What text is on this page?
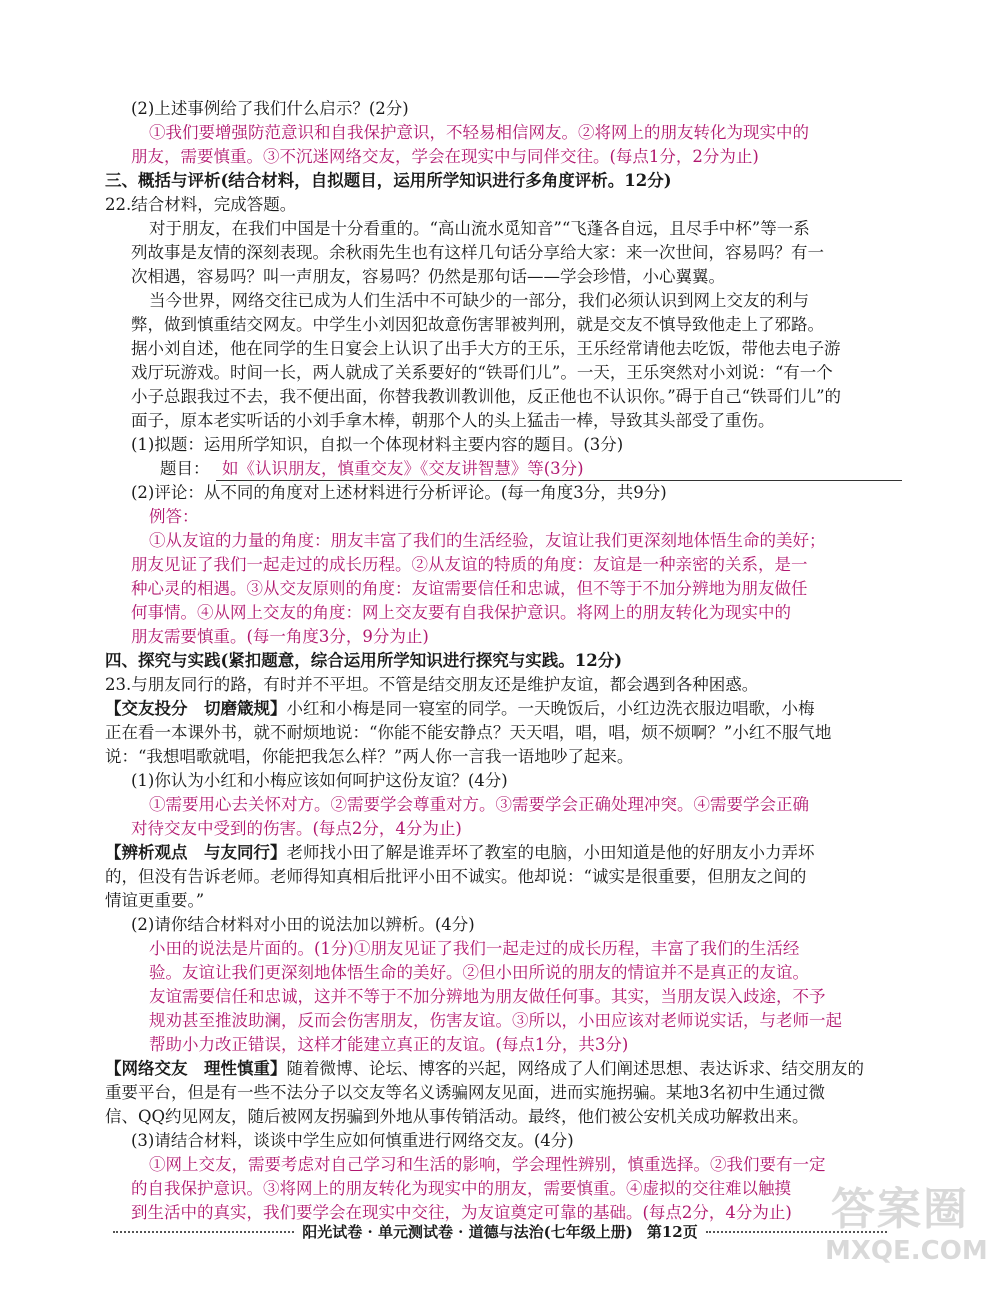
(2)上述事例给了我们什么启示？(2分)
①我们要增强防范意识和自我保护意识，不轻易相信网友。②将网上的朋友转化为现实中的
朋友，需要慎重。③不沉迷网络交友，学会在现实中与同伴交往。(每点1分，2分为止)
三、概括与评析(结合材料，自拟题目，运用所学知识进行多角度评析。12分)
22.结合材料，完成答题。
对于朋友，在我们中国是十分看重的。“高山流水觅知音”“飞蓬各自远，且尽手中杯”等一系
列故事是友情的深刻表现。余秋雨先生也有这样几句话分享给大家：来一次世间，容易吗？有一
次相遇，容易吗？叫一声朋友，容易吗？仍然是那句话——学会珍惜，小心翼翼。
当今世界，网络交往已成为人们生活中不可缺少的一部分，我们必须认识到网上交友的利与
弊，做到慎重结交网友。中学生小刘因犯故意伤害罪被判刑，就是交友不慎导致他走上了邪路。
据小刘自述，他在同学的生日宴会上认识了出手大方的王乐，王乐经常请他去吃饭，带他去电子游
戏厅玩游戏。时间一长，两人就成了关系要好的“铁哥们儿”。一天，王乐突然对小刘说：“有一个
小子总跟我过不去，我不便出面，你替我教训教训他，反正他也不认识你。”碍于自己“铁哥们儿”的
面子，原本老实听话的小刘手拿木棒，朝那个人的头上猛击一棒，导致其头部受了重伤。
(1)拟题：运用所学知识，自拟一个体现材料主要内容的题目。(3分)
题目： 如《认识朋友，慎重交友》《交友讲智慧》等(3分)
(2)评论：从不同的角度对上述材料进行分析评论。(每一角度3分，共9分)
例答：
①从友谊的力量的角度：朋友丰富了我们的生活经验，友谊让我们更深刻地体悟生命的美好；
朋友见证了我们一起走过的成长历程。②从友谊的特质的角度：友谊是一种亲密的关系，是一
种心灵的相遇。③从交友原则的角度：友谊需要信任和忠诚，但不等于不加分辨地为朋友做任
何事情。④从网上交友的角度：网上交友要有自我保护意识。将网上的朋友转化为现实中的
朋友需要慎重。(每一角度3分，9分为止)
四、探究与实践(紧扣题意，综合运用所学知识进行探究与实践。12分)
23.与朋友同行的路，有时并不平坦。不管是结交朋友还是维护友谊，都会遇到各种困惑。
【交友投分　切磨箴规】小红和小梅是同一寝室的同学。一天晚饭后，小红边洗衣服边唱歌，小梅
正在看一本课外书，就不耐烦地说：“你能不能安静点？天天唱，唱，唱，烦不烦啊？”小红不服气地
说：“我想唱歌就唱，你能把我怎么样？”两人你一言我一语地吵了起来。
(1)你认为小红和小梅应该如何呵护这份友谊？(4分)
①需要用心去关怀对方。②需要学会尊重对方。③需要学会正确处理冲突。④需要学会正确
对待交友中受到的伤害。(每点2分，4分为止)
【辨析观点　与友同行】老师找小田了解是谁弄坏了教室的电脑，小田知道是他的好朋友小力弄坏
的，但没有告诉老师。老师得知真相后批评小田不诚实。他却说：“诚实是很重要，但朋友之间的
情谊更重要。”
(2)请你结合材料对小田的说法加以辨析。(4分)
小田的说法是片面的。(1分)①朋友见证了我们一起走过的成长历程，丰富了我们的生活经
验。友谊让我们更深刻地体悟生命的美好。②但小田所说的朋友的情谊并不是真正的友谊。
友谊需要信任和忠诚，这并不等于不加分辨地为朋友做任何事。其实，当朋友误入歧途，不予
规劝甚至推波助澜，反而会伤害朋友，伤害友谊。③所以，小田应该对老师说实话，与老师一起
帮助小力改正错误，这样才能建立真正的友谊。(每点1分，共3分)
【网络交友　理性慎重】随着微博、论坛、博客的兴起，网络成了人们阐述思想、表达诉求、结交朋友的
重要平台，但是有一些不法分子以交友等名义诱骗网友见面，进而实施拐骗。某地3名初中生通过微
信、QQ约见网友，随后被网友拐骗到外地从事传销活动。最终，他们被公安机关成功解救出来。
(3)请结合材料，谈谈中学生应如何慎重进行网络交友。(4分)
①网上交友，需要考虑对自己学习和生活的影响，学会理性辨别，慎重选择。②我们要有一定
的自我保护意识。③将网上的朋友转化为现实中的朋友，需要慎重。④虚拟的交往难以触摸
到生活中的真实，我们要学会在现实中交往，为友谊奠定可靠的基础。(每点2分，4分为止)
阳光试卷 · 单元测试卷 · 道德与法治(七年级上册) 第12页	答案圈
MXQE.COM
